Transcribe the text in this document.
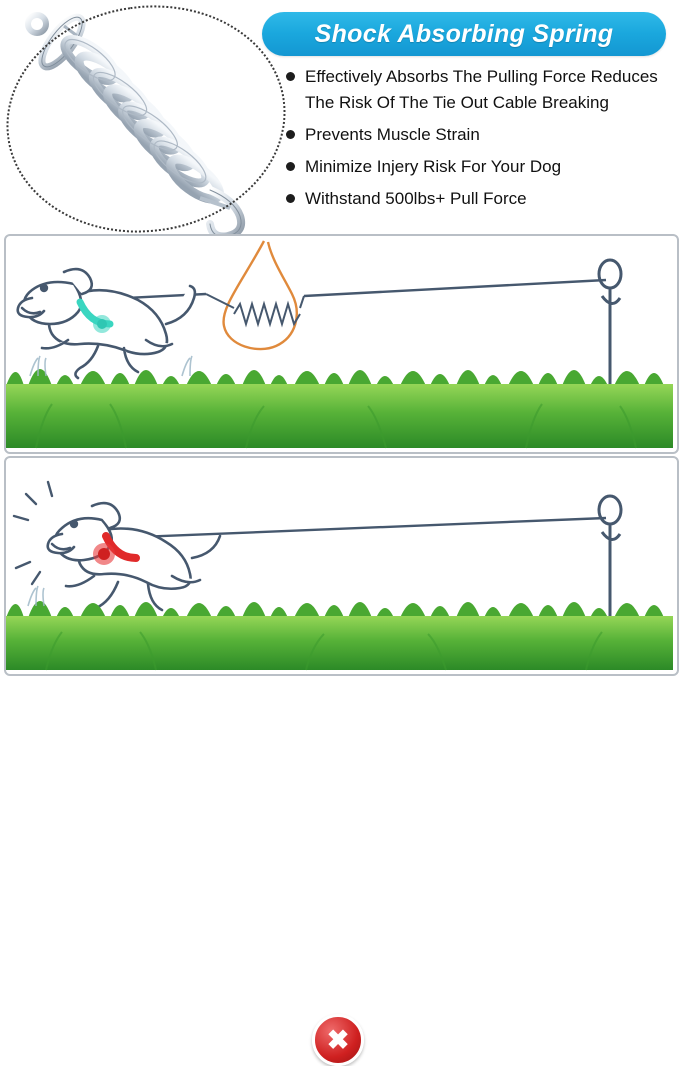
Shock Absorbing Spring
Effectively Absorbs The Pulling Force Reduces The Risk Of The Tie Out Cable Breaking
Prevents Muscle Strain
Minimize Injery Risk For Your Dog
Withstand 500lbs+ Pull Force
✖
